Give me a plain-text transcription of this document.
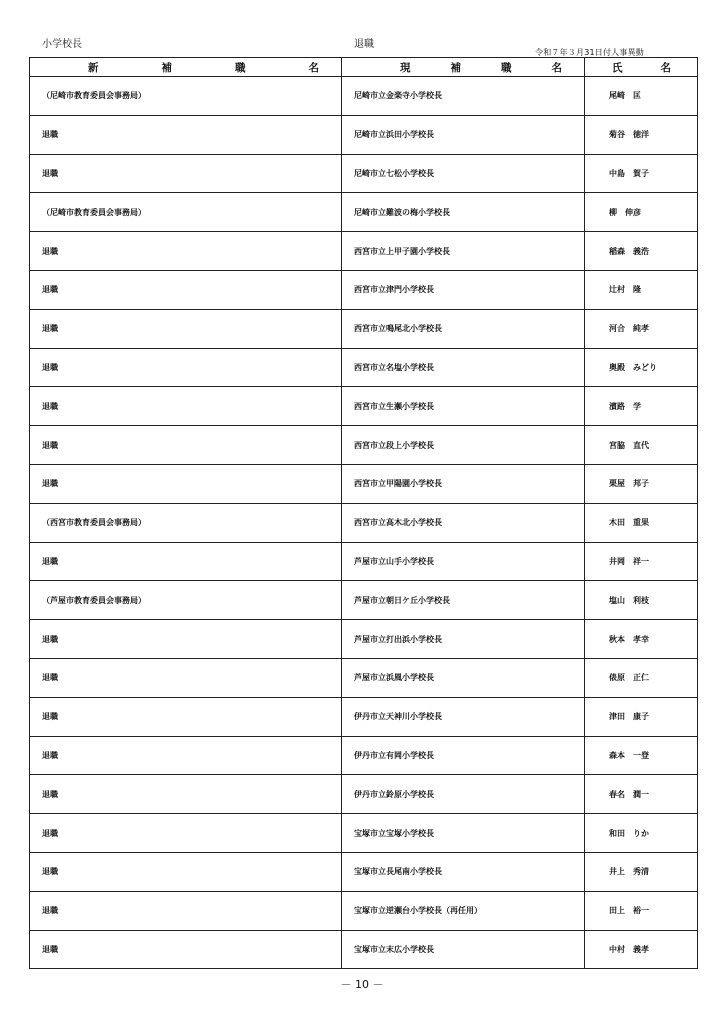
小学校長	退職
令和７年３月31日付人事異動
新 補 職 名	現 補 職 名	氏 名

（尼崎市教育委員会事務局）	尼崎市立金楽寺小学校長	尾崎　匡
退職	尼崎市立浜田小学校長	菊谷　徳洋
退職	尼崎市立七松小学校長	中島　賀子
（尼崎市教育委員会事務局）	尼崎市立難波の梅小学校長	柳　伸彦
退職	西宮市立上甲子園小学校長	稲森　義浩
退職	西宮市立津門小学校長	辻村　隆
退職	西宮市立鳴尾北小学校長	河合　純孝
退職	西宮市立名塩小学校長	奥殿　みどり
退職	西宮市立生瀬小学校長	濱路　学
退職	西宮市立段上小学校長	宮脇　直代
退職	西宮市立甲陽園小学校長	栗屋　邦子
（西宮市教育委員会事務局）	西宮市立高木北小学校長	木田　重果
退職	芦屋市立山手小学校長	井岡　祥一
（芦屋市教育委員会事務局）	芦屋市立朝日ケ丘小学校長	塩山　利枝
退職	芦屋市立打出浜小学校長	秋本　孝幸
退職	芦屋市立浜風小学校長	俵原　正仁
退職	伊丹市立天神川小学校長	津田　康子
退職	伊丹市立有岡小学校長	森本　一登
退職	伊丹市立鈴原小学校長	春名　潤一
退職	宝塚市立宝塚小学校長	和田　りか
退職	宝塚市立長尾南小学校長	井上　秀清
退職	宝塚市立逆瀬台小学校長（再任用）	田上　裕一
退職	宝塚市立末広小学校長	中村　義孝
－ 10 －
